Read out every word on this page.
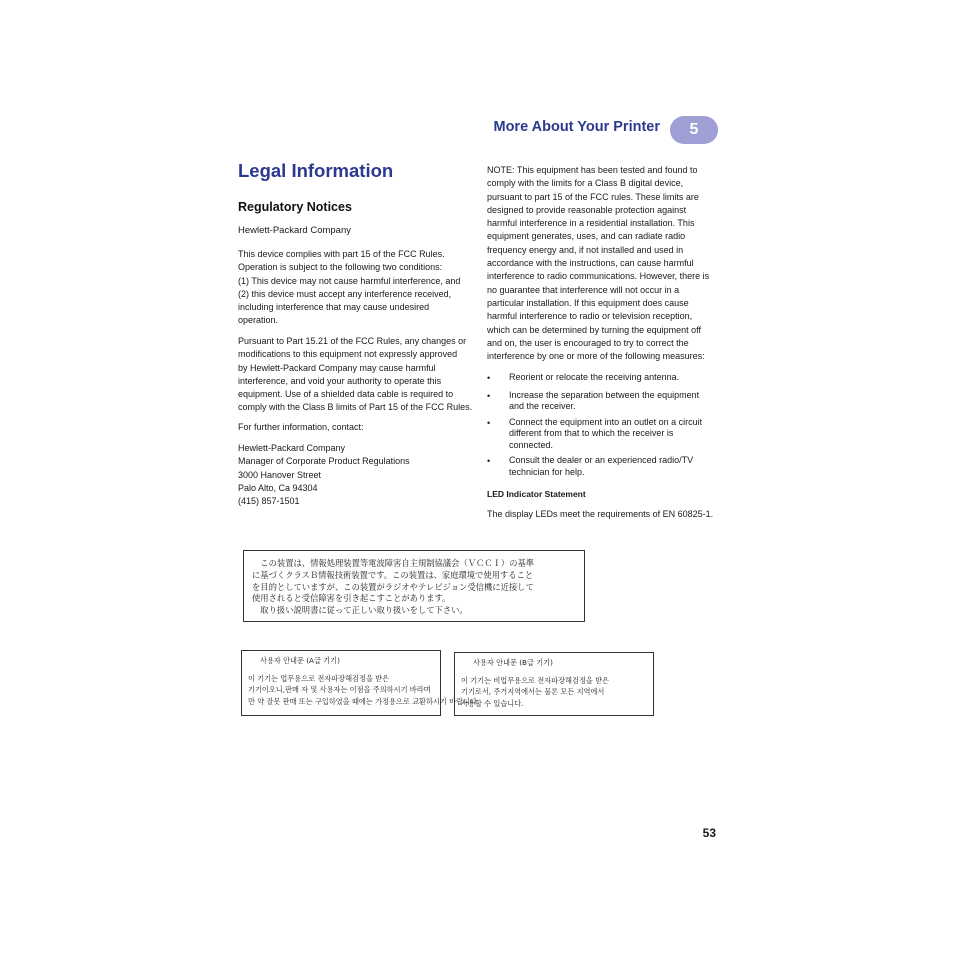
More About Your Printer	5
Legal Information
Regulatory Notices
Hewlett-Packard Company
This device complies with part 15 of the FCC Rules.
Operation is subject to the following two conditions:
(1) This device may not cause harmful interference, and
(2) this device must accept any interference received,
including interference that may cause undesired
operation.
Pursuant to Part 15.21 of the FCC Rules, any changes or
modifications to this equipment not expressly approved
by Hewlett-Packard Company may cause harmful
interference, and void your authority to operate this
equipment. Use of a shielded data cable is required to
comply with the Class B limits of Part 15 of the FCC Rules.
For further information, contact:
Hewlett-Packard Company
Manager of Corporate Product Regulations
3000 Hanover Street
Palo Alto, Ca 94304
(415) 857-1501
NOTE: This equipment has been tested and found to
comply with the limits for a Class B digital device,
pursuant to part 15 of the FCC rules. These limits are
designed to provide reasonable protection against
harmful interference in a residential installation. This
equipment generates, uses, and can radiate radio
frequency energy and, if not installed and used in
accordance with the instructions, can cause harmful
interference to radio communications. However, there is
no guarantee that interference will not occur in a
particular installation. If this equipment does cause
harmful interference to radio or television reception,
which can be determined by turning the equipment off
and on, the user is encouraged to try to correct the
interference by one or more of the following measures:
• Reorient or relocate the receiving antenna.
• Increase the separation between the equipment
and the receiver.
• Connect the equipment into an outlet on a circuit
different from that to which the receiver is
connected.
• Consult the dealer or an experienced radio/TV
technician for help.
LED Indicator Statement
The display LEDs meet the requirements of EN 60825-1.
　この装置は、情報処理装置等電波障害自主規制協議会（ＶＣＣＩ）の基準
に基づくクラスＢ情報技術装置です。この装置は、家庭環境で使用すること
を目的としていますが、この装置がラジオやテレビジョン受信機に近接して
使用されると受信障害を引き起こすことがあります。
　取り扱い説明書に従って正しい取り扱いをして下さい。
사용자 안내문 (A급 기기)
이 기기는 업무용으로 전자파장해검정을 받은
기기이오니,판매 자 및 사용자는 이점을 주의하시기 바라며
만 약 잘못 판매 또는 구입하였을 때에는 가정용으로 교환하시기 바랍니다.
사용자 안내문 (B급 기기)
이 기기는 비업무용으로 전자파장해검정을 받은
기기로서, 주거지역에서는 물론 모든 지역에서
사용할 수 있습니다.
53
